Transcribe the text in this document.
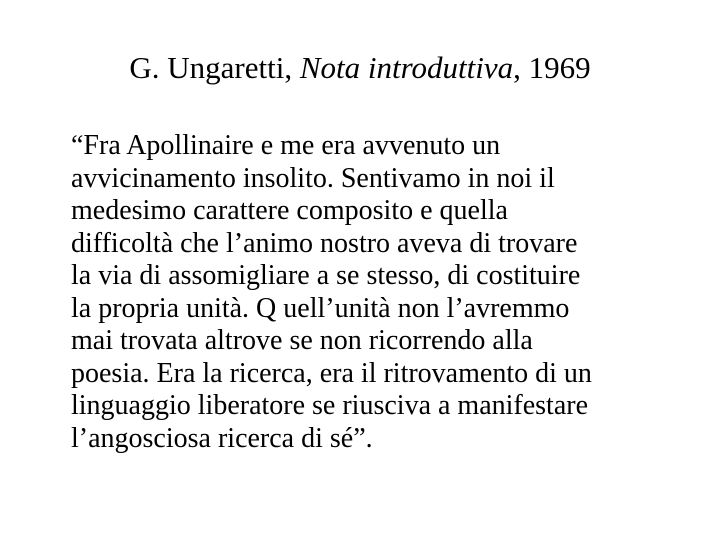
G. Ungaretti, Nota introduttiva, 1969
“Fra Apollinaire e me era avvenuto un
avvicinamento insolito. Sentivamo in noi il
medesimo carattere composito e quella
difficoltà che l’animo nostro aveva di trovare
la via di assomigliare a se stesso, di costituire
la propria unità. Q uell’unità non l’avremmo
mai trovata altrove se non ricorrendo alla
poesia. Era la ricerca, era il ritrovamento di un
linguaggio liberatore se riusciva a manifestare
l’angosciosa ricerca di sé”.
